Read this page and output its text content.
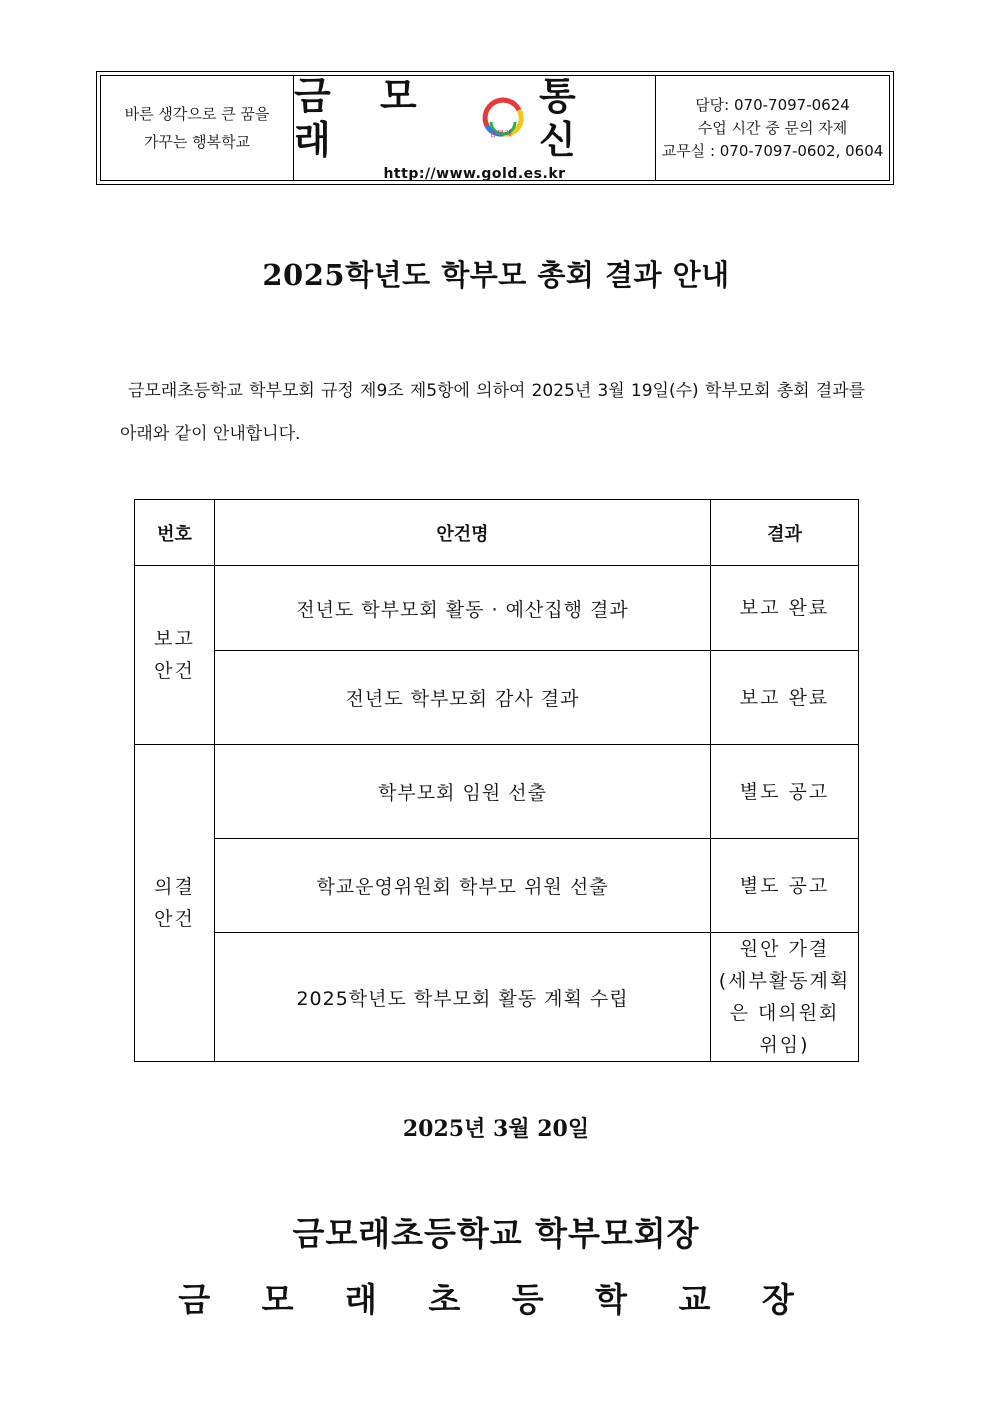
바른 생각으로 큰 꿈을
가꾸는 행복학교
금 모 래	금모래
통 신
http://www.gold.es.kr
담당: 070-7097-0624
수업 시간 중 문의 자제
교무실 : 070-7097-0602, 0604
2025학년도 학부모 총회 결과 안내
금모래초등학교 학부모회 규정 제9조 제5항에 의하여 2025년 3월 19일(수) 학부모회 총회 결과를 아래와 같이 안내합니다.
번호	안건명	결과

보고
안건	전년도 학부모회 활동 · 예산집행 결과	보고 완료
	전년도 학부모회 감사 결과	보고 완료

의결
안건	학부모회 임원 선출	별도 공고
	학교운영위원회 학부모 위원 선출	별도 공고
	2025학년도 학부모회 활동 계획 수립	원안 가결
(세부활동계획
은 대의원회
위임)
2025년 3월 20일
금모래초등학교 학부모회장
금 모 래 초 등 학 교 장
